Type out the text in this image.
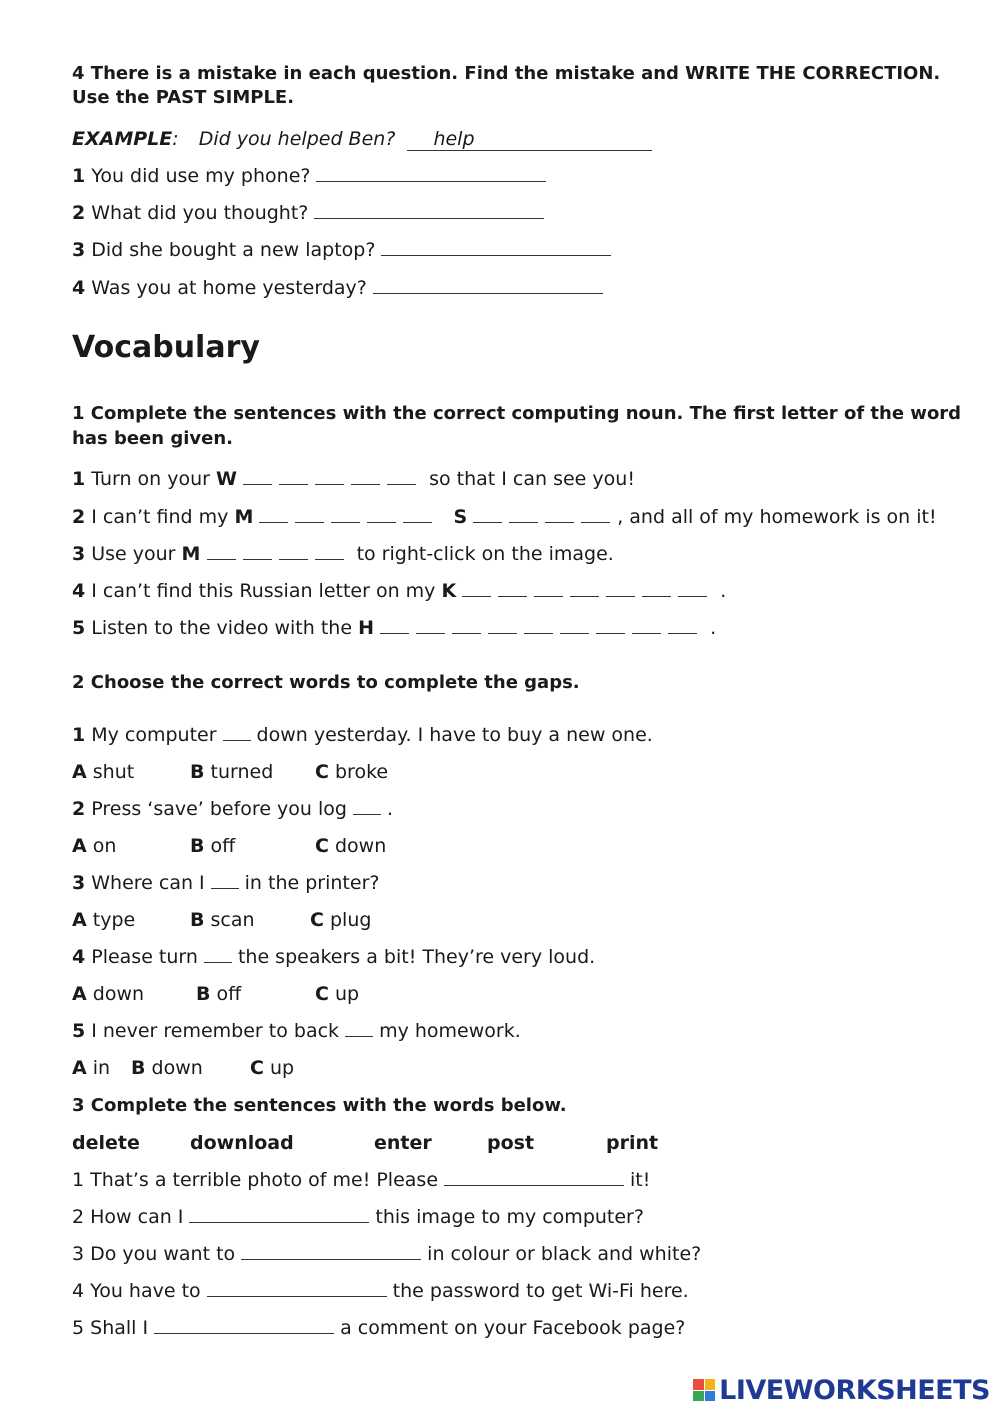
4 There is a mistake in each question. Find the mistake and WRITE THE CORRECTION.
Use the PAST SIMPLE.
EXAMPLE: Did you helped Ben? help
1 You did use my phone?
2 What did you thought?
3 Did she bought a new laptop?
4 Was you at home yesterday?
Vocabulary
1 Complete the sentences with the correct computing noun. The first letter of the word
has been given.
1 Turn on your W	so that I can see you!
2 I can’t find my M	S	, and all of my homework is on it!
3 Use your M	to right-click on the image.
4 I can’t find this Russian letter on my K	.
5 Listen to the video with the H	.
2 Choose the correct words to complete the gaps.
1 My computer down yesterday. I have to buy a new one.
A shut	B turned C broke
2 Press ‘save’ before you log .
A on	B off	C down
3 Where can I in the printer?
A type	B scan	C plug
4 Please turn the speakers a bit! They’re very loud.
A down	B off	C up
5 I never remember to back my homework.
A in B down C up
3 Complete the sentences with the words below.
delete	download	enter	post	print
1 That’s a terrible photo of me! Please	it!
2 How can I	this image to my computer?
3 Do you want to	in colour or black and white?
4 You have to	the password to get Wi-Fi here.
5 Shall I	a comment on your Facebook page?
LIVEWORKSHEETS
